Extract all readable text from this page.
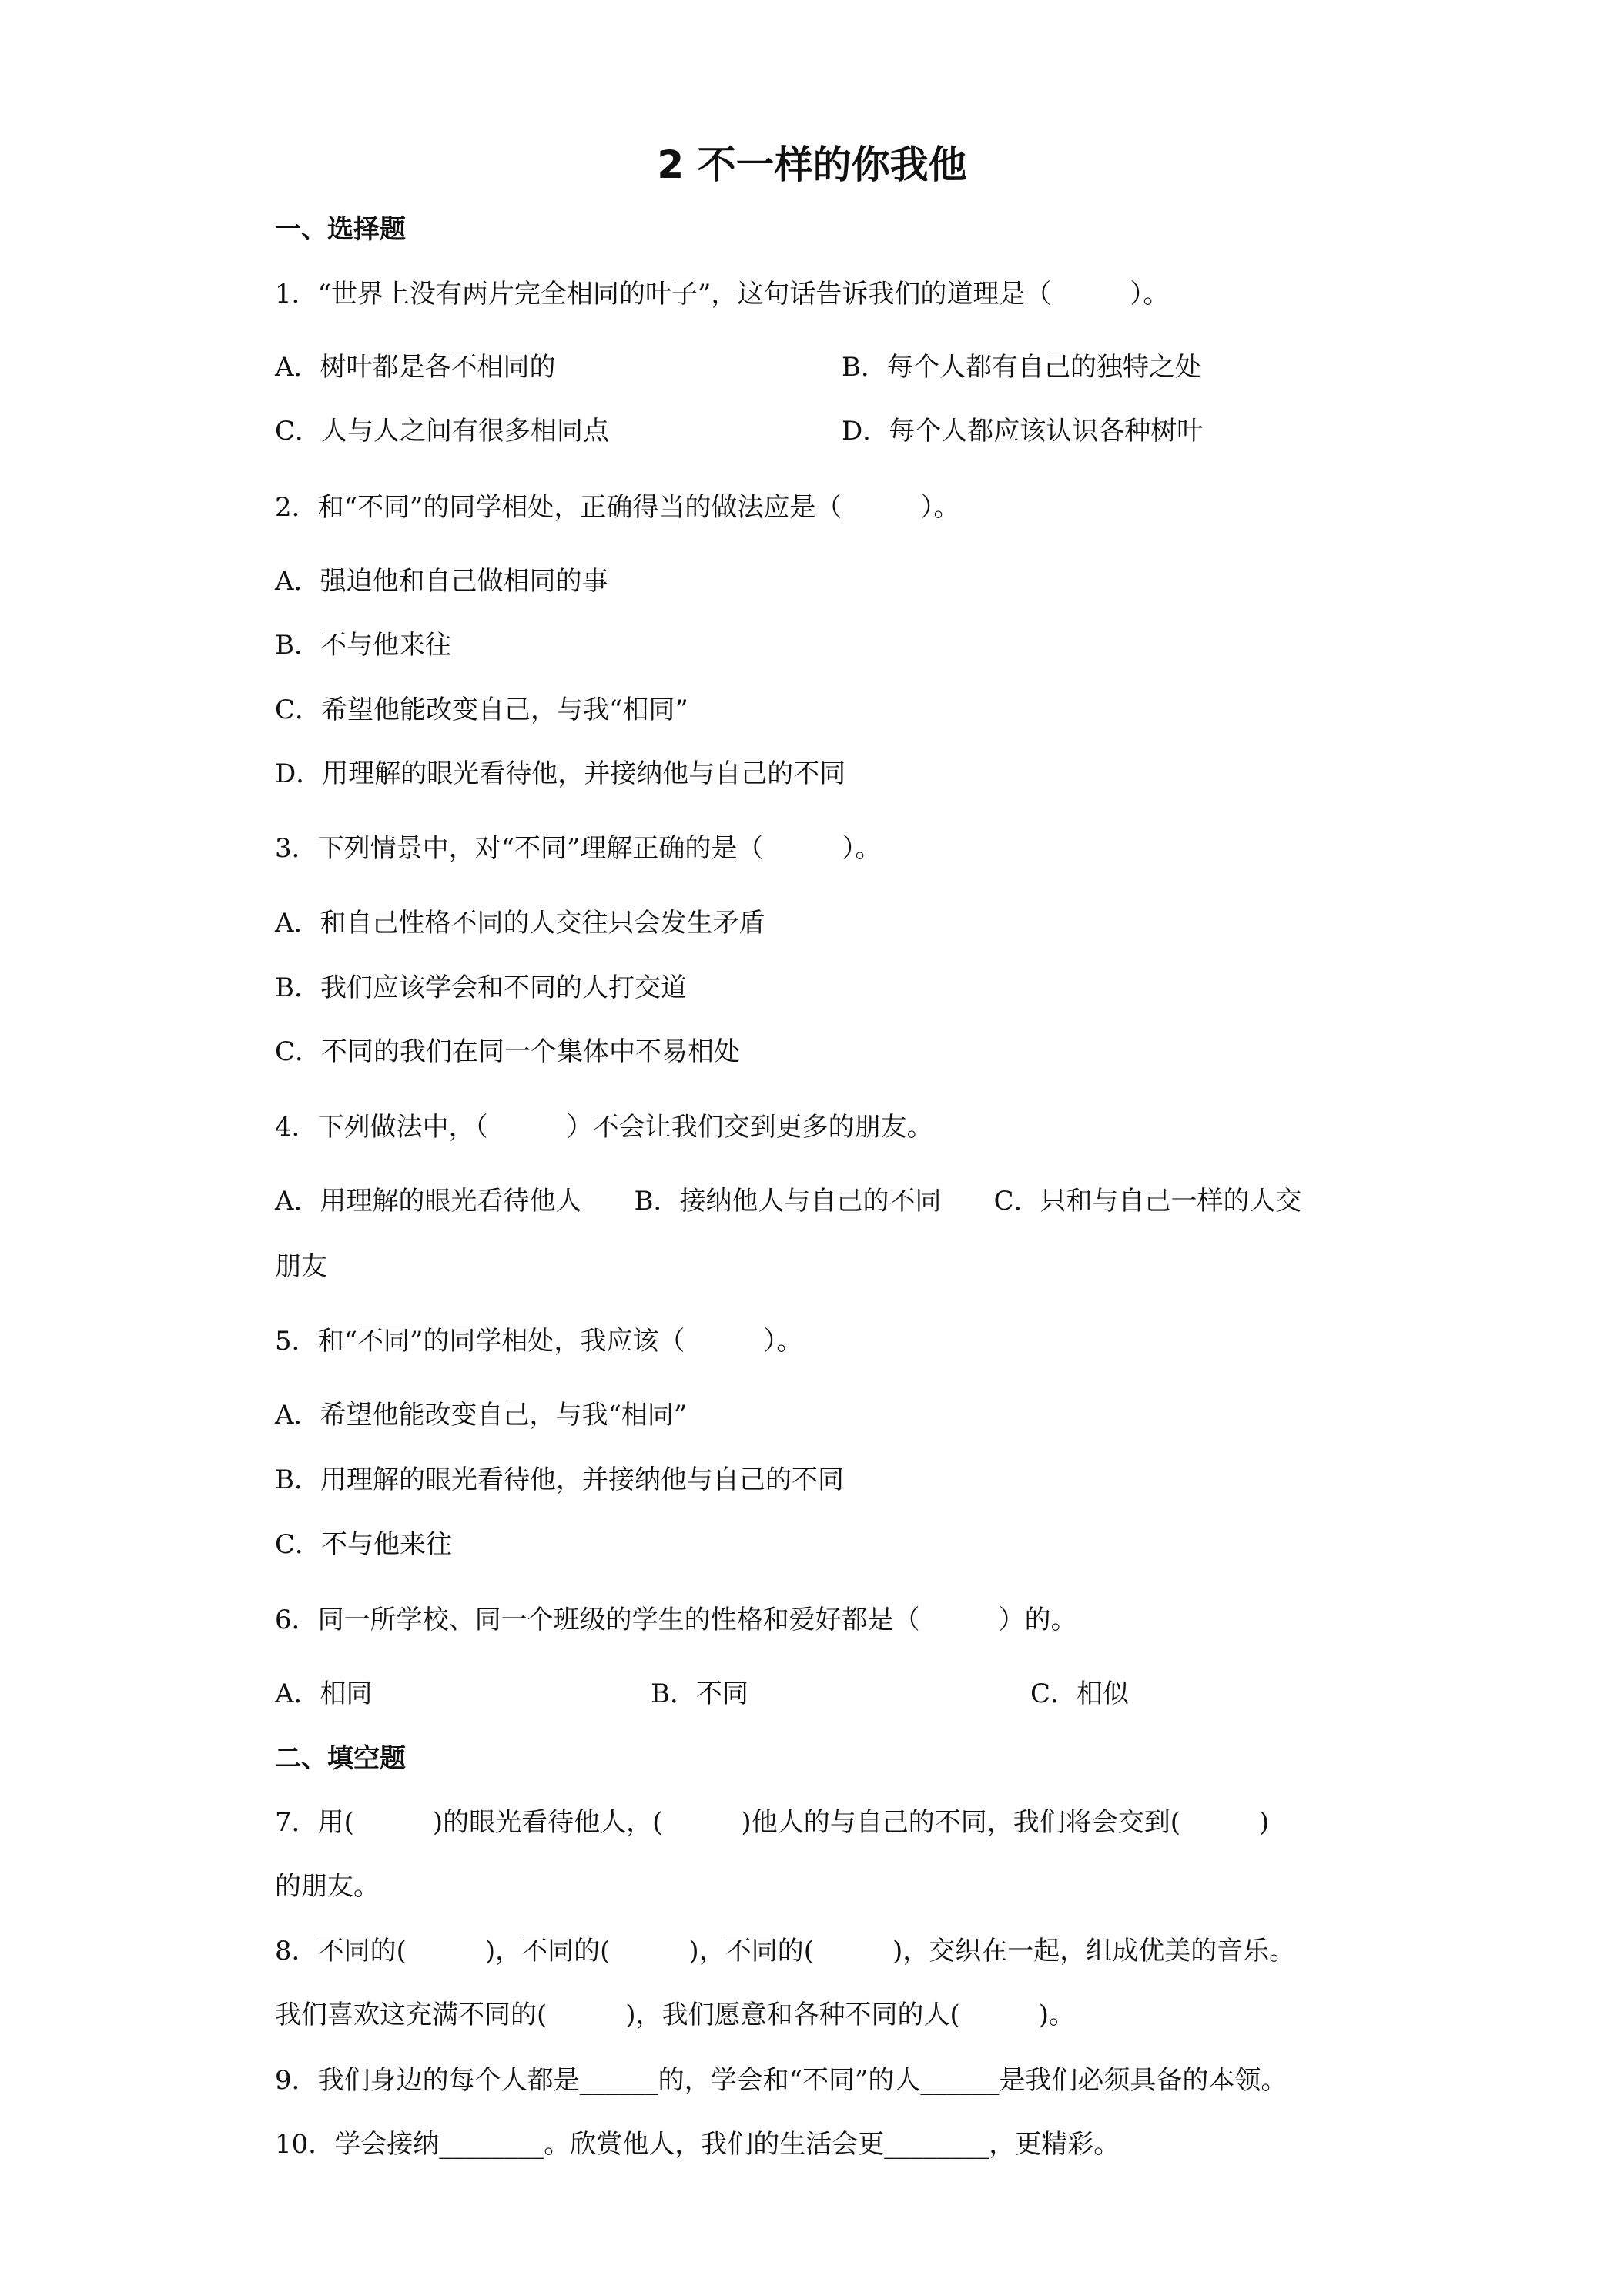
2 不一样的你我他
一、选择题
1．“世界上没有两片完全相同的叶子”，这句话告诉我们的道理是（　　　）。
A．树叶都是各不相同的	B．每个人都有自己的独特之处
C．人与人之间有很多相同点	D．每个人都应该认识各种树叶
2．和“不同”的同学相处，正确得当的做法应是（　　　）。
A．强迫他和自己做相同的事
B．不与他来往
C．希望他能改变自己，与我“相同”
D．用理解的眼光看待他，并接纳他与自己的不同
3．下列情景中，对“不同”理解正确的是（　　　）。
A．和自己性格不同的人交往只会发生矛盾
B．我们应该学会和不同的人打交道
C．不同的我们在同一个集体中不易相处
4．下列做法中，（　　　）不会让我们交到更多的朋友。
A．用理解的眼光看待他人　　B．接纳他人与自己的不同　　C．只和与自己一样的人交
朋友
5．和“不同”的同学相处，我应该（　　　）。
A．希望他能改变自己，与我“相同”
B．用理解的眼光看待他，并接纳他与自己的不同
C．不与他来往
6．同一所学校、同一个班级的学生的性格和爱好都是（　　　）的。
A．相同	B．不同	C．相似
二、填空题
7．用(　　　)的眼光看待他人，(　　　)他人的与自己的不同，我们将会交到(　　　)
的朋友。
8．不同的(　　　)，不同的(　　　)，不同的(　　　)，交织在一起，组成优美的音乐。
我们喜欢这充满不同的(　　　)，我们愿意和各种不同的人(　　　)。
9．我们身边的每个人都是______的，学会和“不同”的人______是我们必须具备的本领。
10．学会接纳________。欣赏他人，我们的生活会更________，更精彩。
